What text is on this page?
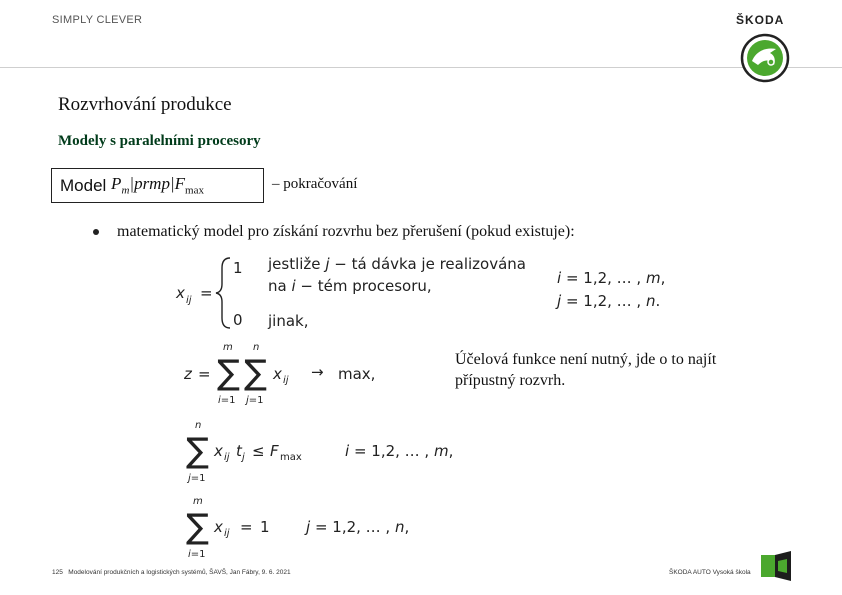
SIMPLY CLEVER	ŠKODA
Rozvrhování produkce
Modely s paralelními procesory
Model
$P_m|prmp|F_{max}$	– pokračování
matematický model pro získání rozvrhu bez přerušení (pokud existuje):
x ij =
1
0
jestliže j − tá dávka je realizována
na i − tém procesoru,
jinak,
i = 1,2, … , m,
j = 1,2, … , n.
z = ∑
m
i=1
∑
n
j=1
x ij → max,
∑
n
j=1
x ij t j ≤ F max	i = 1,2, … , m,
∑
m
i=1
x ij = 1 j = 1,2, … , n,
Účelová funkce není nutný, jde o to najít přípustný rozvrh.
125 Modelování produkčních a logistických systémů, ŠAVŠ, Jan Fábry, 9. 6. 2021	ŠKODA AUTO Vysoká škola
